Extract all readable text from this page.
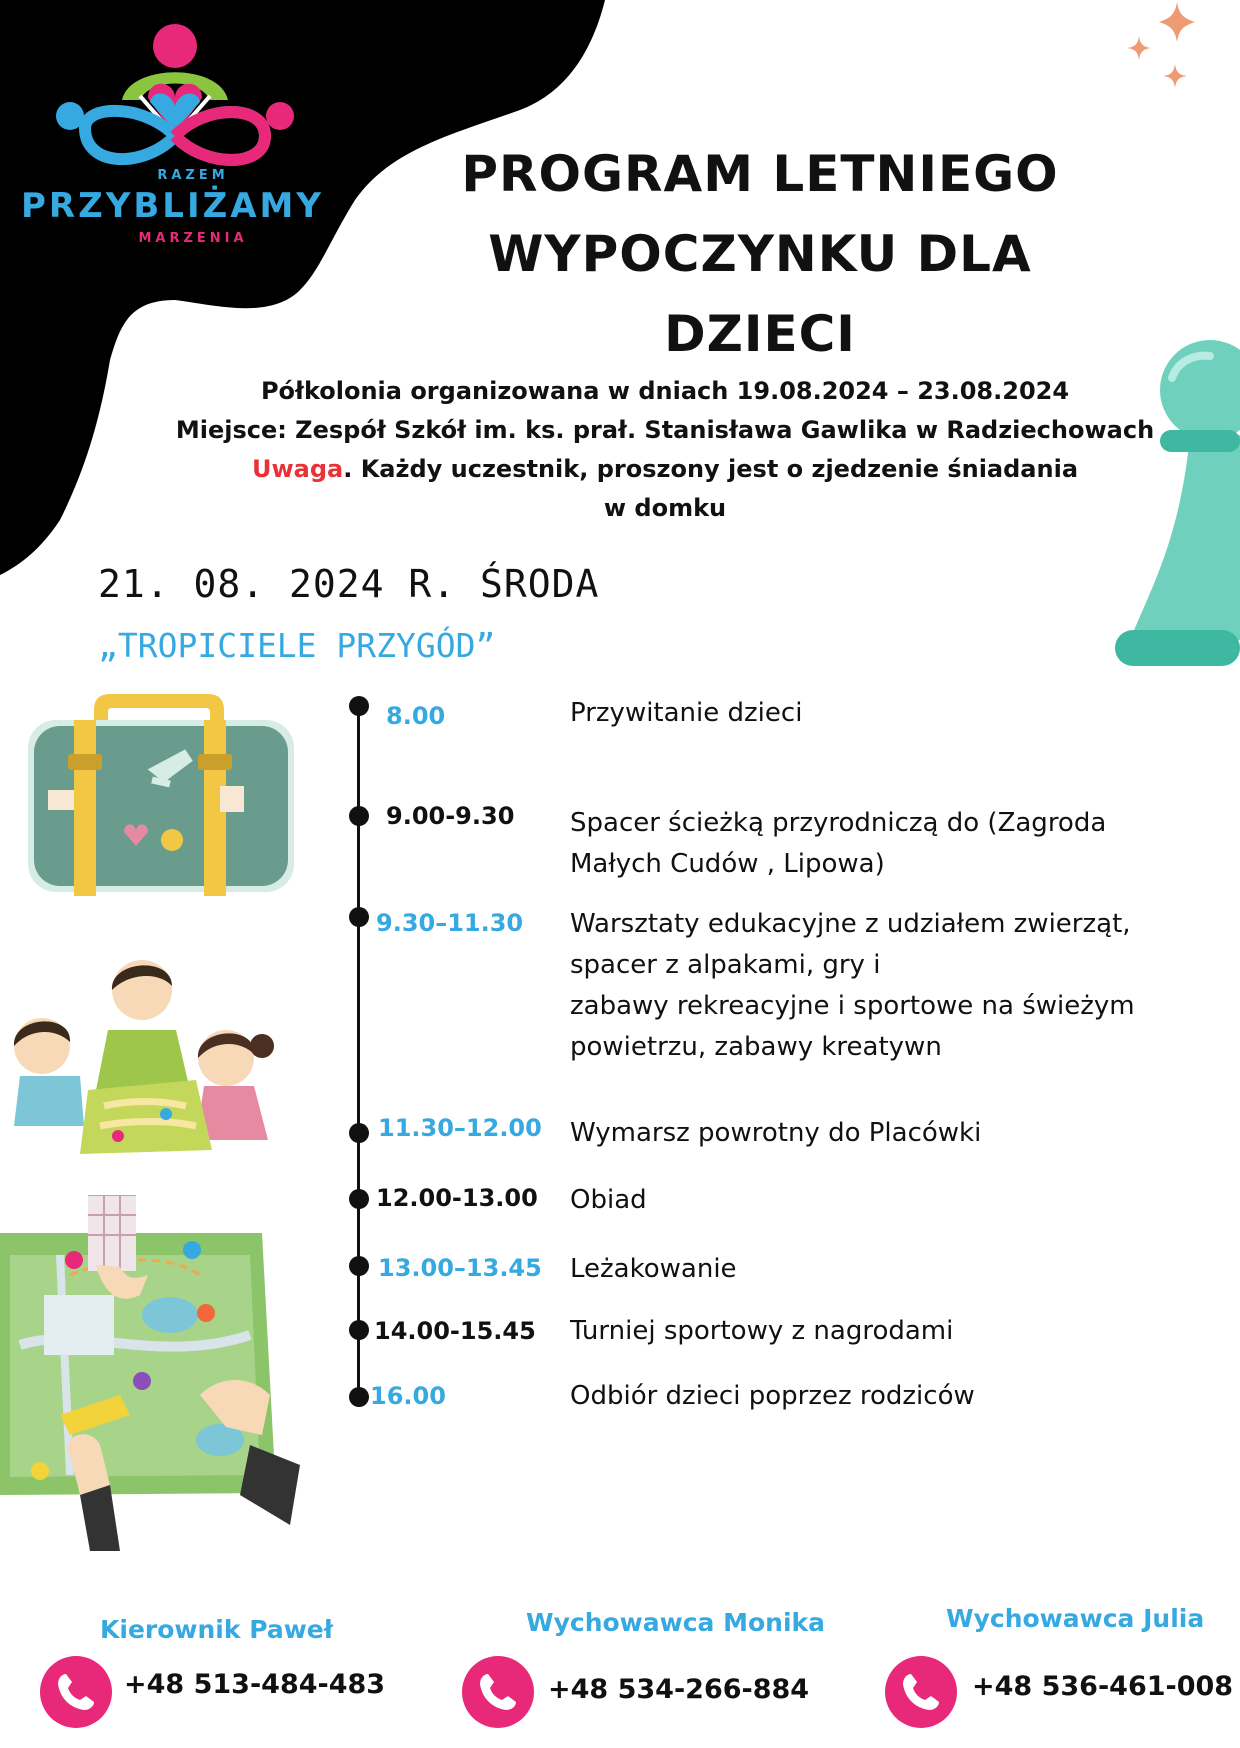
RAZEM
PRZYBLIŻAMY
MARZENIA
PROGRAM LETNIEGO
WYPOCZYNKU DLA
DZIECI
Półkolonia organizowana w dniach 19.08.2024 – 23.08.2024
Miejsce: Zespół Szkół im. ks. prał. Stanisława Gawlika w Radziechowach
Uwaga. Każdy uczestnik, proszony jest o zjedzenie śniadania
w domku
21. 08. 2024 R. ŚRODA
„TROPICIELE PRZYGÓD”
8.00	Przywitanie dzieci
9.00-9.30 Spacer ścieżką przyrodniczą do (Zagroda
Małych Cudów , Lipowa)
9.30–11.30 Warsztaty edukacyjne z udziałem zwierząt,
spacer z alpakami, gry i
zabawy rekreacyjne i sportowe na świeżym
powietrzu, zabawy kreatywn
11.30–12.00 Wymarsz powrotny do Placówki
12.00-13.00 Obiad
13.00–13.45 Leżakowanie
14.00-15.45 Turniej sportowy z nagrodami
16.00	Odbiór dzieci poprzez rodziców
Kierownik Paweł
+48 513-484-483
Wychowawca Monika
+48 534-266-884
Wychowawca Julia
+48 536-461-008
